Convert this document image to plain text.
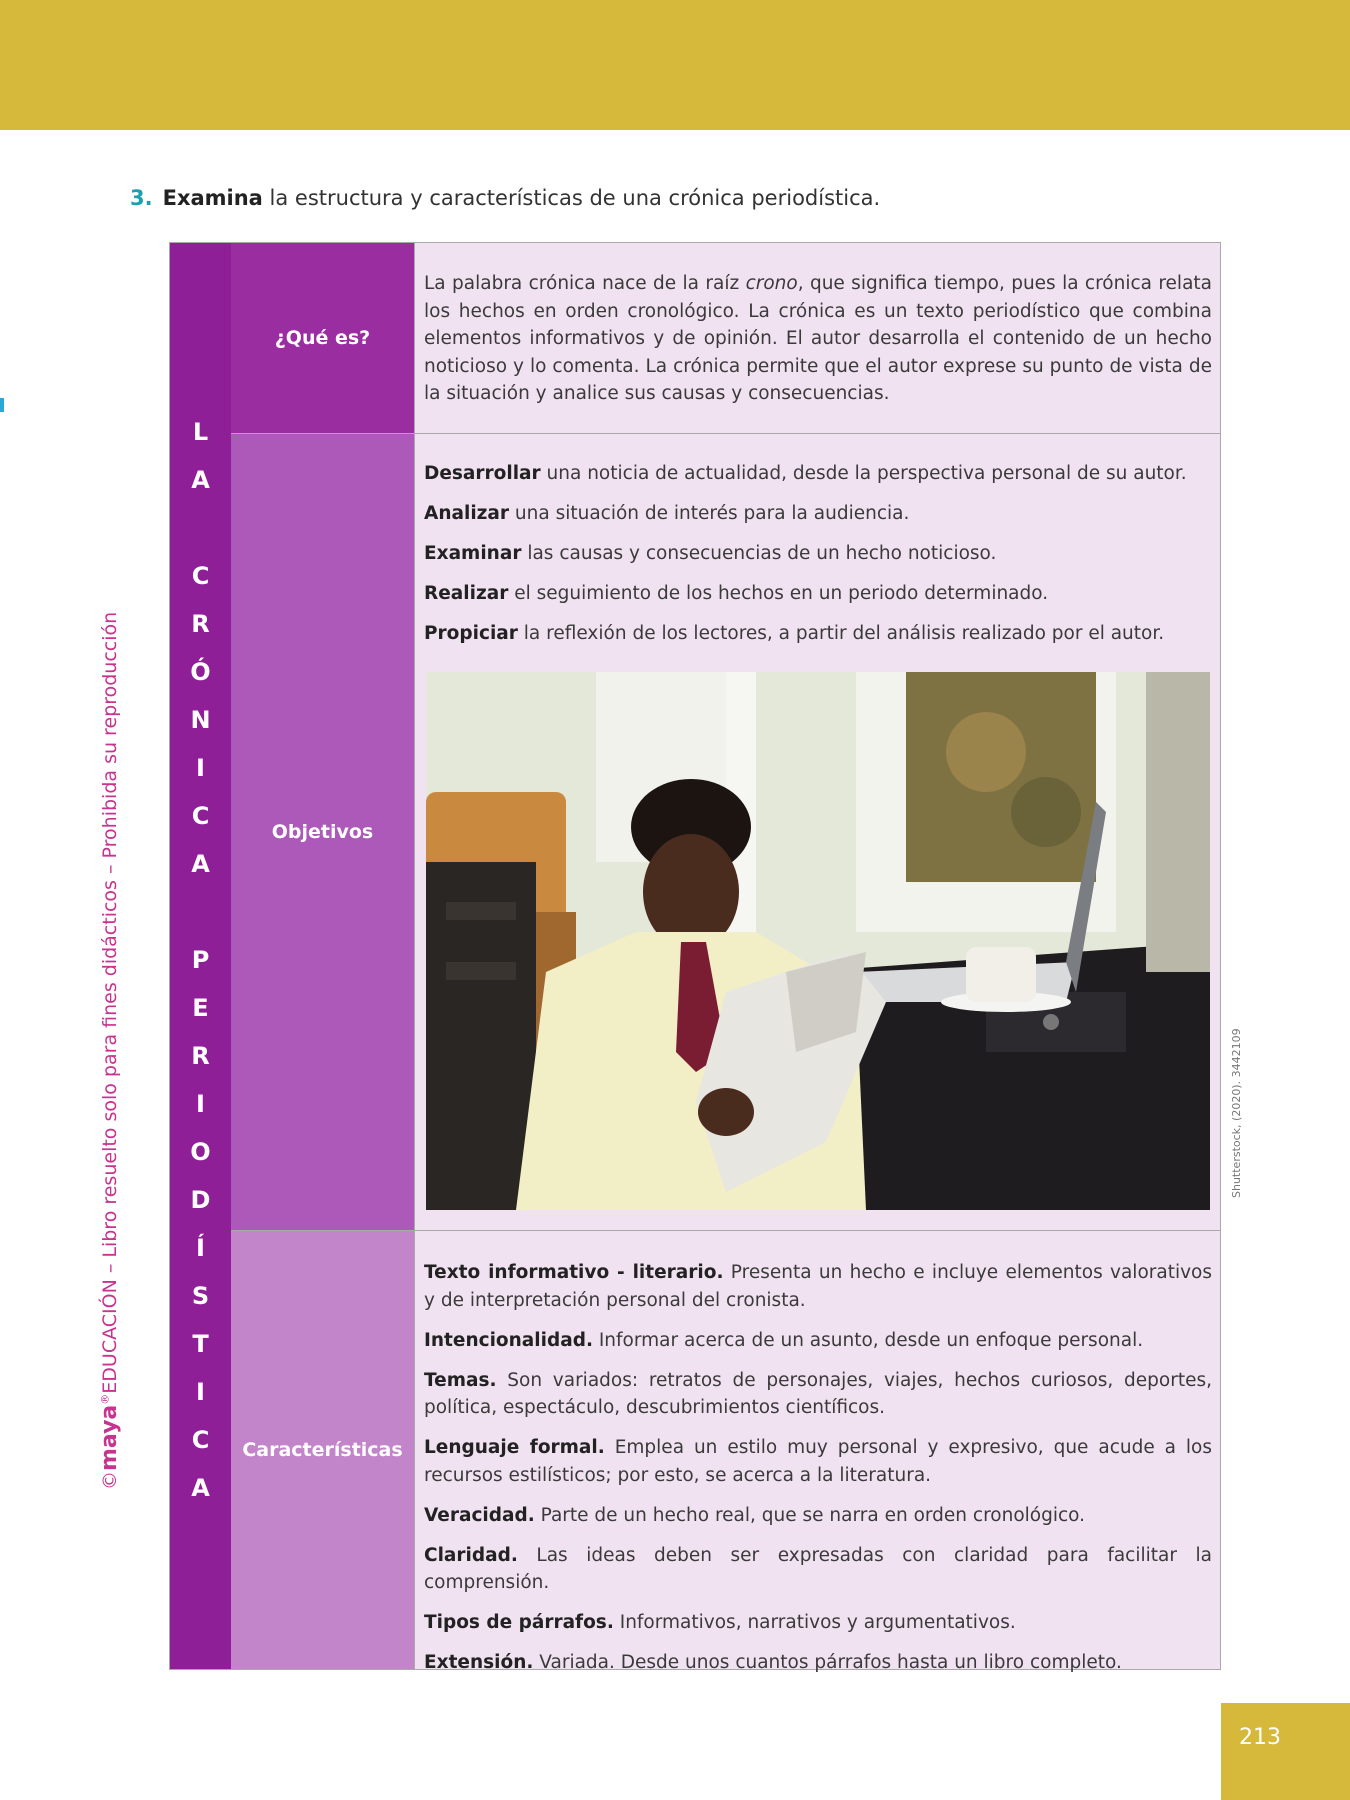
©maya®EDUCACIÓN – Libro resuelto solo para fines didácticos – Prohibida su reproducción
3. Examina la estructura y características de una crónica periodística.
L
A
C
R
Ó
N
I
C
A
P
E
R
I
O
D
Í
S
T
I
C
A
¿Qué es?
La palabra crónica nace de la raíz crono, que significa tiempo, pues la crónica relata los hechos en orden cronológico. La crónica es un texto periodístico que combina elementos informativos y de opinión. El autor desarrolla el contenido de un hecho noticioso y lo comenta. La crónica permite que el autor exprese su punto de vista de la situación y analice sus causas y consecuencias.
Objetivos

Desarrollar una noticia de actualidad, desde la perspectiva personal de su autor.

Analizar una situación de interés para la audiencia.

Examinar las causas y consecuencias de un hecho noticioso.

Realizar el seguimiento de los hechos en un periodo determinado.

Propiciar la reflexión de los lectores, a partir del análisis realizado por el autor.

Características

Texto informativo - literario. Presenta un hecho e incluye elementos valorativos y de interpretación personal del cronista.

Intencionalidad. Informar acerca de un asunto, desde un enfoque personal.

Temas. Son variados: retratos de personajes, viajes, hechos curiosos, deportes, política, espectáculo, descubrimientos científicos.

Lenguaje formal. Emplea un estilo muy personal y expresivo, que acude a los recursos estilísticos; por esto, se acerca a la literatura.

Veracidad. Parte de un hecho real, que se narra en orden cronológico.

Claridad. Las ideas deben ser expresadas con claridad para facilitar la comprensión.

Tipos de párrafos. Informativos, narrativos y argumentativos.

Extensión. Variada. Desde unos cuantos párrafos hasta un libro completo.

Shutterstock, (2020). 3442109
213
